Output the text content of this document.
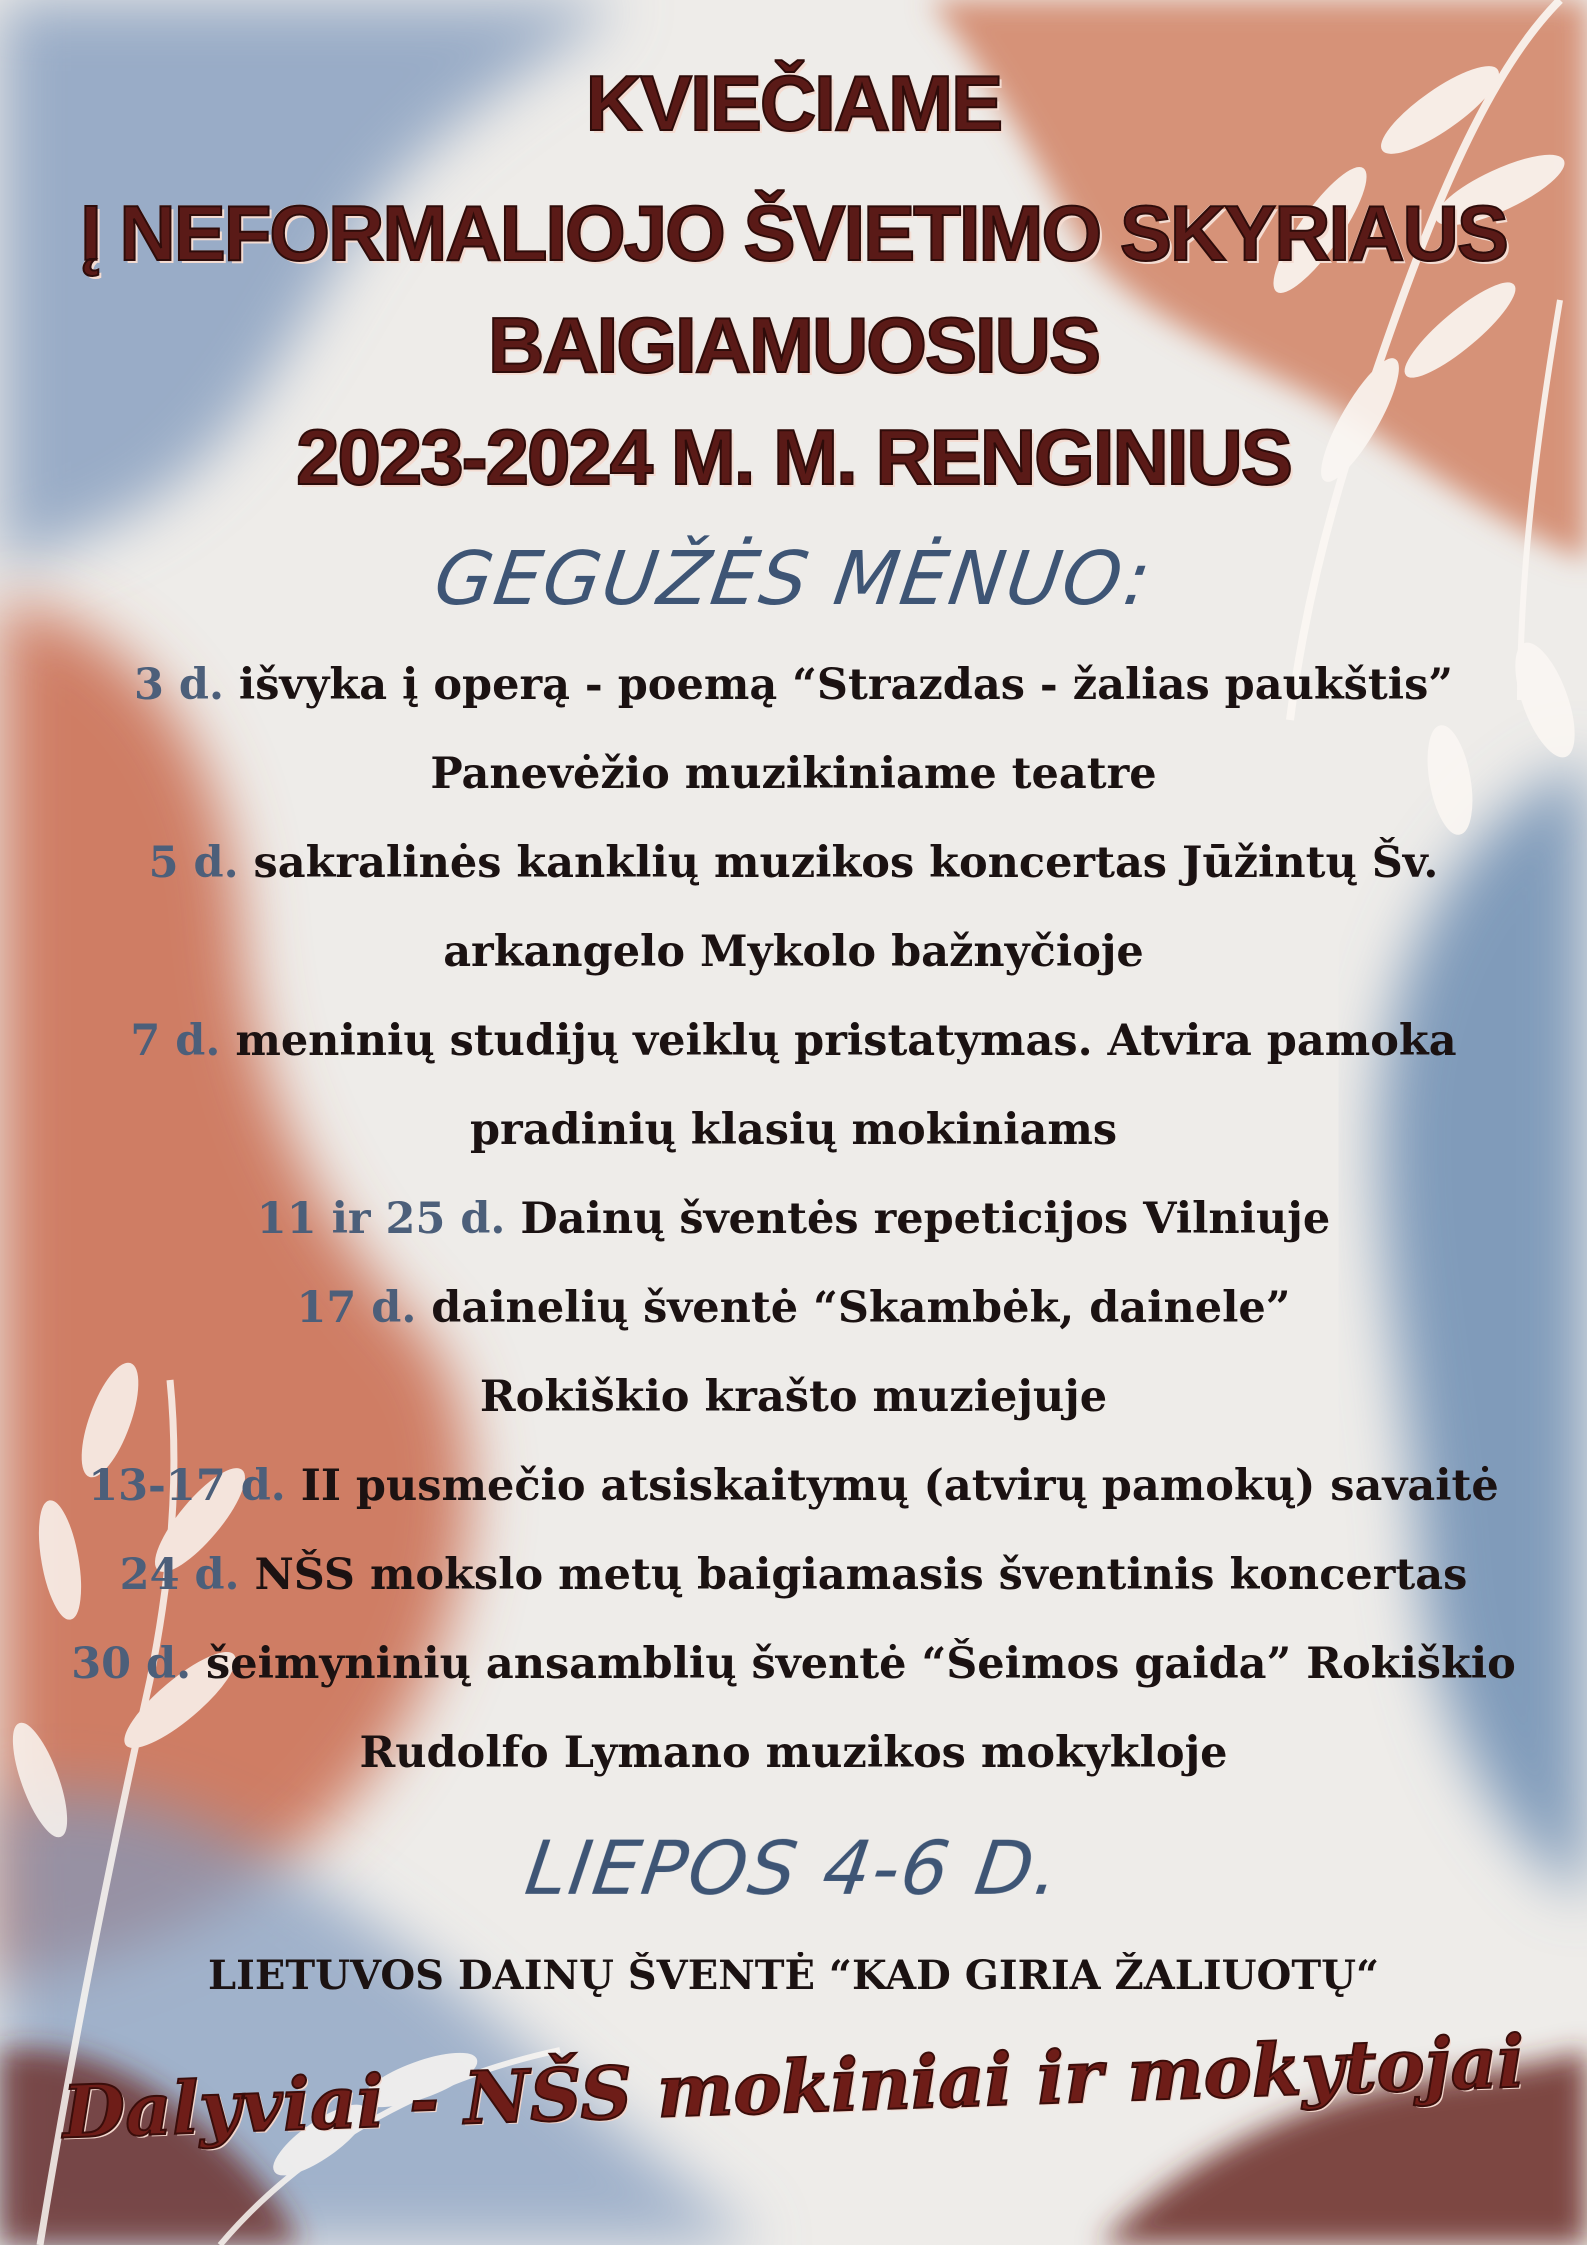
KVIEČIAME
Į NEFORMALIOJO ŠVIETIMO SKYRIAUS
BAIGIAMUOSIUS
2023-2024 M. M. RENGINIUS
GEGUŽĖS MĖNUO:
3 d. išvyka į operą - poemą “Strazdas - žalias paukštis”
Panevėžio muzikiniame teatre
5 d. sakralinės kanklių muzikos koncertas Jūžintų Šv.
arkangelo Mykolo bažnyčioje
7 d. meninių studijų veiklų pristatymas. Atvira pamoka
pradinių klasių mokiniams
11 ir 25 d. Dainų šventės repeticijos Vilniuje
17 d. dainelių šventė “Skambėk, dainele”
Rokiškio krašto muziejuje
13-17 d. II pusmečio atsiskaitymų (atvirų pamokų) savaitė
24 d. NŠS mokslo metų baigiamasis šventinis koncertas
30 d. šeimyninių ansamblių šventė “Šeimos gaida” Rokiškio
Rudolfo Lymano muzikos mokykloje
LIEPOS 4-6 D.
LIETUVOS DAINŲ ŠVENTĖ “KAD GIRIA ŽALIUOTŲ“
Dalyviai - NŠS mokiniai ir mokytojai
